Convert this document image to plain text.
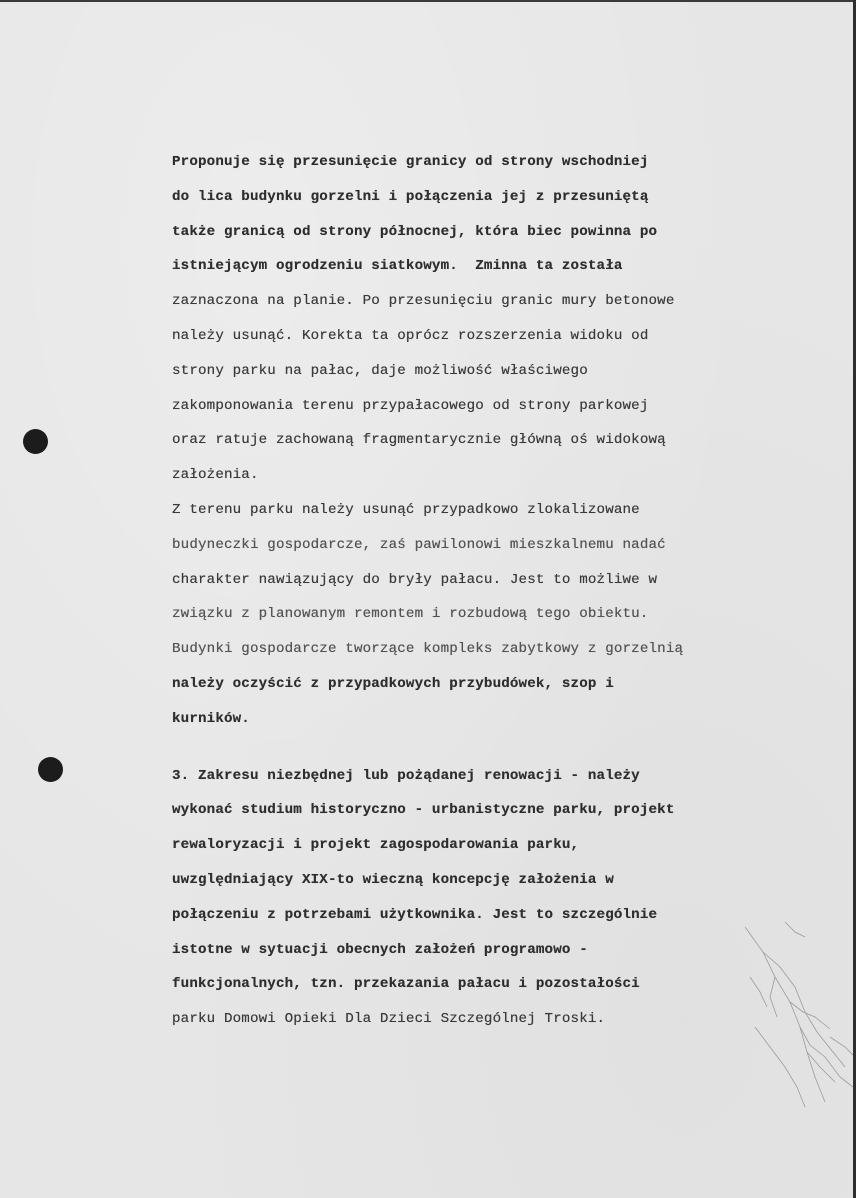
Proponuje się przesunięcie granicy od strony wschodniej
do lica budynku gorzelni i połączenia jej z przesuniętą
także granicą od strony północnej, która biec powinna po
istniejącym ogrodzeniu siatkowym.  Zminna ta została
zaznaczona na planie. Po przesunięciu granic mury betonowe
należy usunąć. Korekta ta oprócz rozszerzenia widoku od
strony parku na pałac, daje możliwość właściwego
zakomponowania terenu przypałacowego od strony parkowej
oraz ratuje zachowaną fragmentarycznie główną oś widokową
założenia.
Z terenu parku należy usunąć przypadkowo zlokalizowane
budyneczki gospodarcze, zaś pawilonowi mieszkalnemu nadać
charakter nawiązujący do bryły pałacu. Jest to możliwe w
związku z planowanym remontem i rozbudową tego obiektu.
Budynki gospodarcze tworzące kompleks zabytkowy z gorzelnią
należy oczyścić z przypadkowych przybudówek, szop i
kurników.
3. Zakresu niezbędnej lub pożądanej renowacji - należy
wykonać studium historyczno - urbanistyczne parku, projekt
rewaloryzacji i projekt zagospodarowania parku,
uwzględniający XIX-to wieczną koncepcję założenia w
połączeniu z potrzebami użytkownika. Jest to szczególnie
istotne w sytuacji obecnych założeń programowo -
funkcjonalnych, tzn. przekazania pałacu i pozostałości
parku Domowi Opieki Dla Dzieci Szczególnej Troski.
